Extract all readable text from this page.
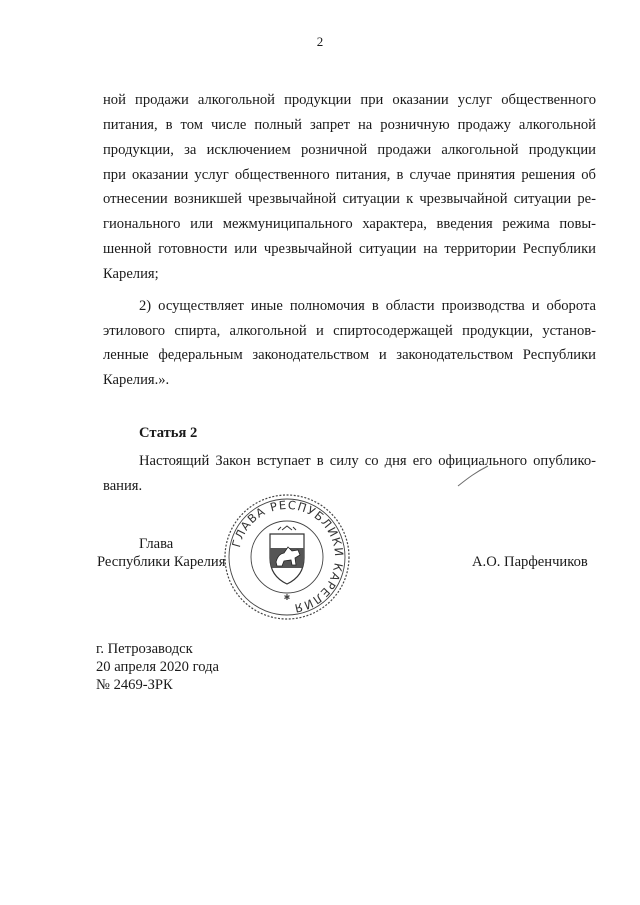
2
ной продажи алкогольной продукции при оказании услуг общественного
питания, в том числе полный запрет на розничную продажу алкогольной
продукции, за исключением розничной продажи алкогольной продукции
при оказании услуг общественного питания, в случае принятия решения об
отнесении возникшей чрезвычайной ситуации к чрезвычайной ситуации ре-
гионального или межмуниципального характера, введения режима повы-
шенной готовности или чрезвычайной ситуации на территории Республики
Карелия;
2) осуществляет иные полномочия в области производства и оборота
этилового спирта, алкогольной и спиртосодержащей продукции, установ-
ленные федеральным законодательством и законодательством Республики
Карелия.».
Статья 2
Настоящий Закон вступает в силу со дня его официального опублико-
вания.
Глава
Республики Карелия	А.О. Парфенчиков
ГЛАВА РЕСПУБЛИКИ КАРЕЛИЯ
✱
г. Петрозаводск
20 апреля 2020 года
№ 2469-ЗРК
